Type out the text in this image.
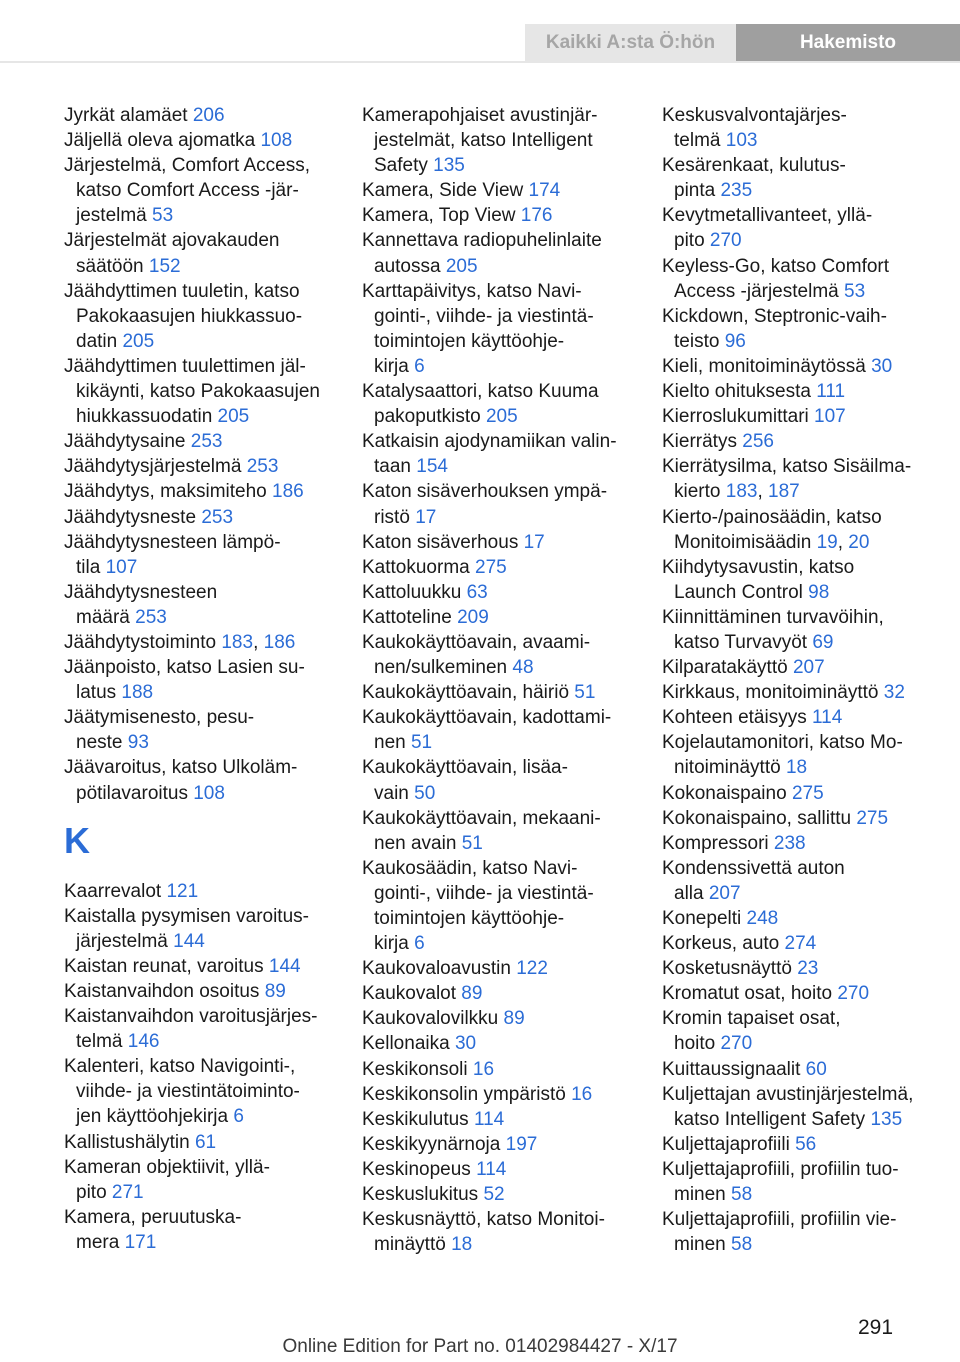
Kaikki A:sta Ö:hön	Hakemisto
Jyrkät alamäet 206
Jäljellä oleva ajomatka 108
Järjestelmä, Comfort Access,
katso Comfort Access -jär-
jestelmä 53
Järjestelmät ajovakauden
säätöön 152
Jäähdyttimen tuuletin, katso
Pakokaasujen hiukkassuo-
datin 205
Jäähdyttimen tuulettimen jäl-
kikäynti, katso Pakokaasujen
hiukkassuodatin 205
Jäähdytysaine 253
Jäähdytysjärjestelmä 253
Jäähdytys, maksimiteho 186
Jäähdytysneste 253
Jäähdytysnesteen lämpö-
tila 107
Jäähdytysnesteen
määrä 253
Jäähdytystoiminto 183, 186
Jäänpoisto, katso Lasien su-
latus 188
Jäätymisenesto, pesu-
neste 93
Jäävaroitus, katso Ulkoläm-
pötilavaroitus 108
K
Kaarrevalot 121
Kaistalla pysymisen varoitus-
järjestelmä 144
Kaistan reunat, varoitus 144
Kaistanvaihdon osoitus 89
Kaistanvaihdon varoitusjärjes-
telmä 146
Kalenteri, katso Navigointi-,
viihde- ja viestintätoiminto-
jen käyttöohjekirja 6
Kallistushälytin 61
Kameran objektiivit, yllä-
pito 271
Kamera, peruutuska-
mera 171
Kamerapohjaiset avustinjär-
jestelmät, katso Intelligent
Safety 135
Kamera, Side View 174
Kamera, Top View 176
Kannettava radiopuhelinlaite
autossa 205
Karttapäivitys, katso Navi-
gointi-, viihde- ja viestintä-
toimintojen käyttöohje-
kirja 6
Katalysaattori, katso Kuuma
pakoputkisto 205
Katkaisin ajodynamiikan valin-
taan 154
Katon sisäverhouksen ympä-
ristö 17
Katon sisäverhous 17
Kattokuorma 275
Kattoluukku 63
Kattoteline 209
Kaukokäyttöavain, avaami-
nen/sulkeminen 48
Kaukokäyttöavain, häiriö 51
Kaukokäyttöavain, kadottami-
nen 51
Kaukokäyttöavain, lisäa-
vain 50
Kaukokäyttöavain, mekaani-
nen avain 51
Kaukosäädin, katso Navi-
gointi-, viihde- ja viestintä-
toimintojen käyttöohje-
kirja 6
Kaukovaloavustin 122
Kaukovalot 89
Kaukovalovilkku 89
Kellonaika 30
Keskikonsoli 16
Keskikonsolin ympäristö 16
Keskikulutus 114
Keskikyynärnoja 197
Keskinopeus 114
Keskuslukitus 52
Keskusnäyttö, katso Monitoi-
minäyttö 18
Keskusvalvontajärjes-
telmä 103
Kesärenkaat, kulutus-
pinta 235
Kevytmetallivanteet, yllä-
pito 270
Keyless-Go, katso Comfort
Access -järjestelmä 53
Kickdown, Steptronic-vaih-
teisto 96
Kieli, monitoiminäytössä 30
Kielto ohituksesta 111
Kierroslukumittari 107
Kierrätys 256
Kierrätysilma, katso Sisäilma-
kierto 183, 187
Kierto-/painosäädin, katso
Monitoimisäädin 19, 20
Kiihdytysavustin, katso
Launch Control 98
Kiinnittäminen turvavöihin,
katso Turvavyöt 69
Kilparatakäyttö 207
Kirkkaus, monitoiminäyttö 32
Kohteen etäisyys 114
Kojelautamonitori, katso Mo-
nitoiminäyttö 18
Kokonaispaino 275
Kokonaispaino, sallittu 275
Kompressori 238
Kondenssivettä auton
alla 207
Konepelti 248
Korkeus, auto 274
Kosketusnäyttö 23
Kromatut osat, hoito 270
Kromin tapaiset osat,
hoito 270
Kuittaussignaalit 60
Kuljettajan avustinjärjestelmä,
katso Intelligent Safety 135
Kuljettajaprofiili 56
Kuljettajaprofiili, profiilin tuo-
minen 58
Kuljettajaprofiili, profiilin vie-
minen 58
291
Online Edition for Part no. 01402984427 - X/17
